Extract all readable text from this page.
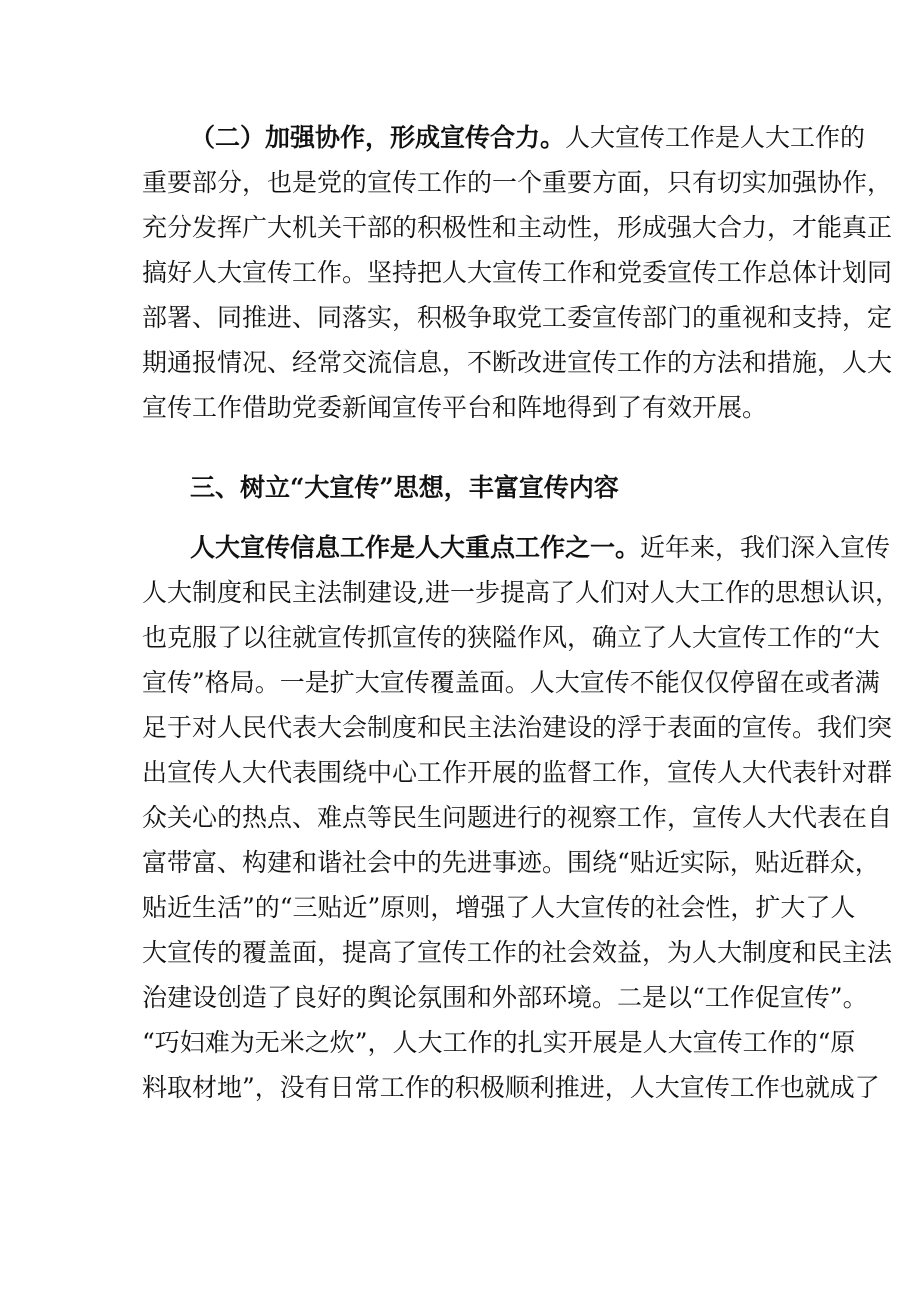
（二）加强协作，形成宣传合力。人大宣传工作是人大工作的
重要部分，也是党的宣传工作的一个重要方面，只有切实加强协作，
充分发挥广大机关干部的积极性和主动性，形成强大合力，才能真正
搞好人大宣传工作。坚持把人大宣传工作和党委宣传工作总体计划同
部署、同推进、同落实，积极争取党工委宣传部门的重视和支持，定
期通报情况、经常交流信息，不断改进宣传工作的方法和措施，人大
宣传工作借助党委新闻宣传平台和阵地得到了有效开展。
三、树立“大宣传”思想，丰富宣传内容
人大宣传信息工作是人大重点工作之一。近年来，我们深入宣传
人大制度和民主法制建设,进一步提高了人们对人大工作的思想认识，
也克服了以往就宣传抓宣传的狭隘作风，确立了人大宣传工作的“大
宣传”格局。一是扩大宣传覆盖面。人大宣传不能仅仅停留在或者满
足于对人民代表大会制度和民主法治建设的浮于表面的宣传。我们突
出宣传人大代表围绕中心工作开展的监督工作，宣传人大代表针对群
众关心的热点、难点等民生问题进行的视察工作，宣传人大代表在自
富带富、构建和谐社会中的先进事迹。围绕“贴近实际，贴近群众，
贴近生活”的“三贴近”原则，增强了人大宣传的社会性，扩大了人
大宣传的覆盖面，提高了宣传工作的社会效益，为人大制度和民主法
治建设创造了良好的舆论氛围和外部环境。二是以“工作促宣传”。
“巧妇难为无米之炊”，人大工作的扎实开展是人大宣传工作的“原
料取材地”，没有日常工作的积极顺利推进，人大宣传工作也就成了
